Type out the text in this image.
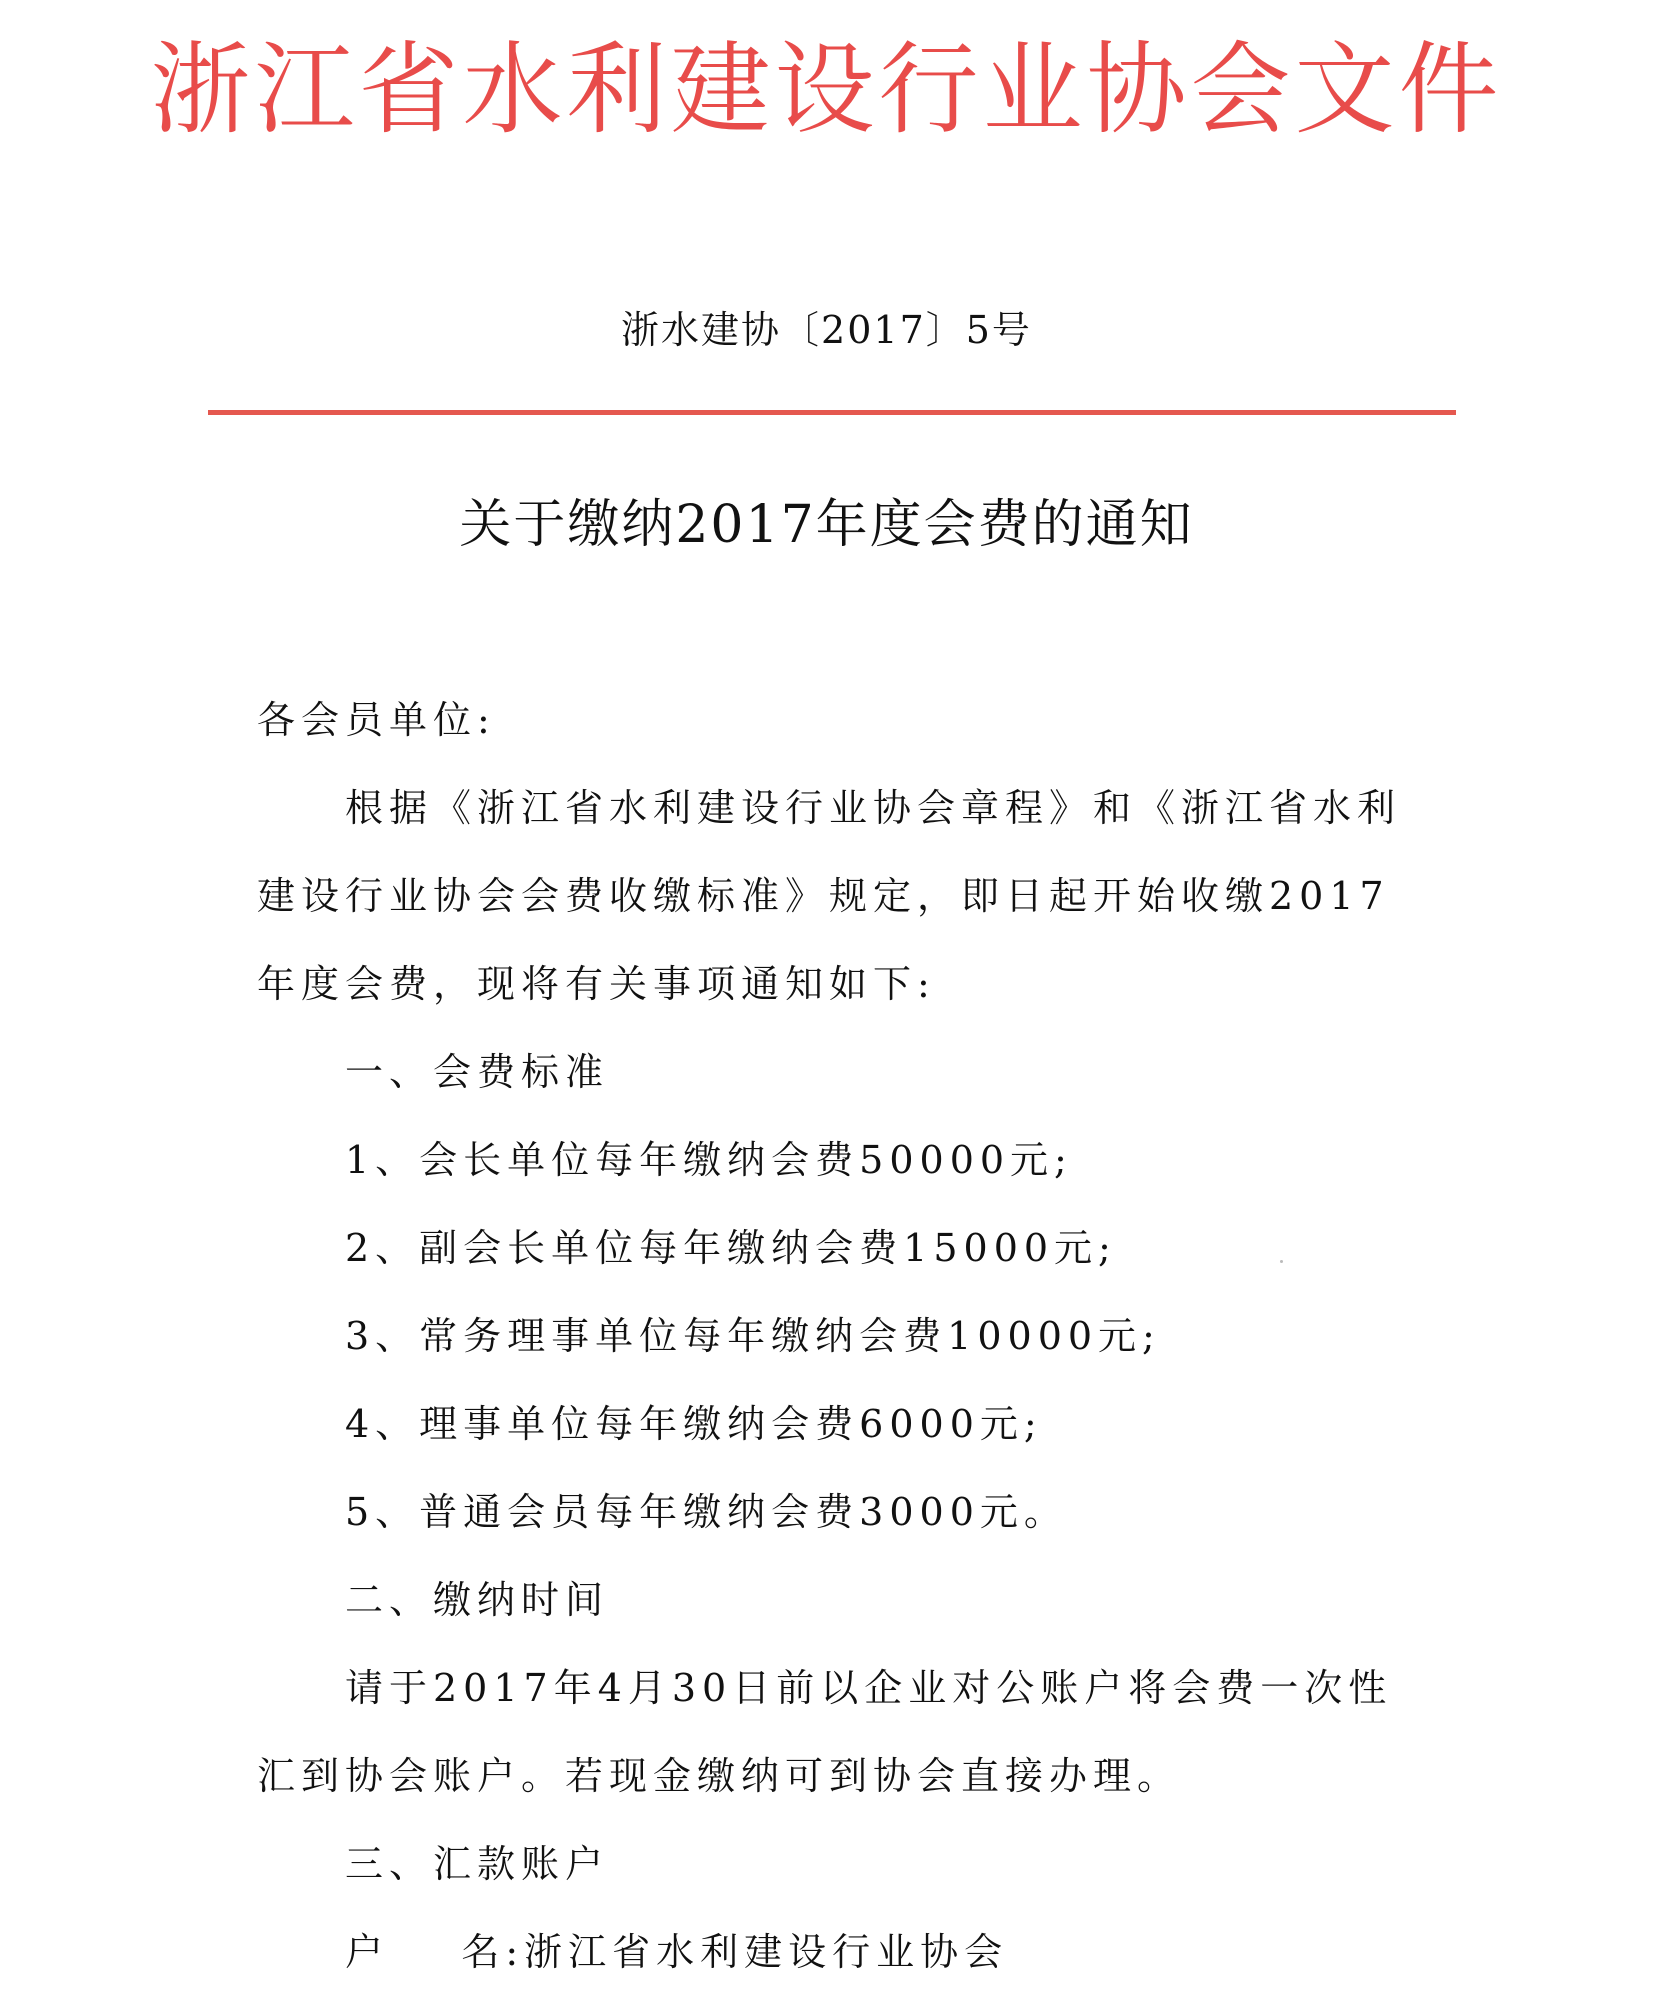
浙江省水利建设行业协会文件
浙水建协〔2017〕5号
关于缴纳2017年度会费的通知
各会员单位:
根据《浙江省水利建设行业协会章程》和《浙江省水利
建设行业协会会费收缴标准》规定，即日起开始收缴2017
年度会费，现将有关事项通知如下:
一、会费标准
1、会长单位每年缴纳会费50000元;
2、副会长单位每年缴纳会费15000元;
3、常务理事单位每年缴纳会费10000元;
4、理事单位每年缴纳会费6000元;
5、普通会员每年缴纳会费3000元。
二、缴纳时间
请于2017年4月30日前以企业对公账户将会费一次性
汇到协会账户。若现金缴纳可到协会直接办理。
三、汇款账户
户    名:浙江省水利建设行业协会
